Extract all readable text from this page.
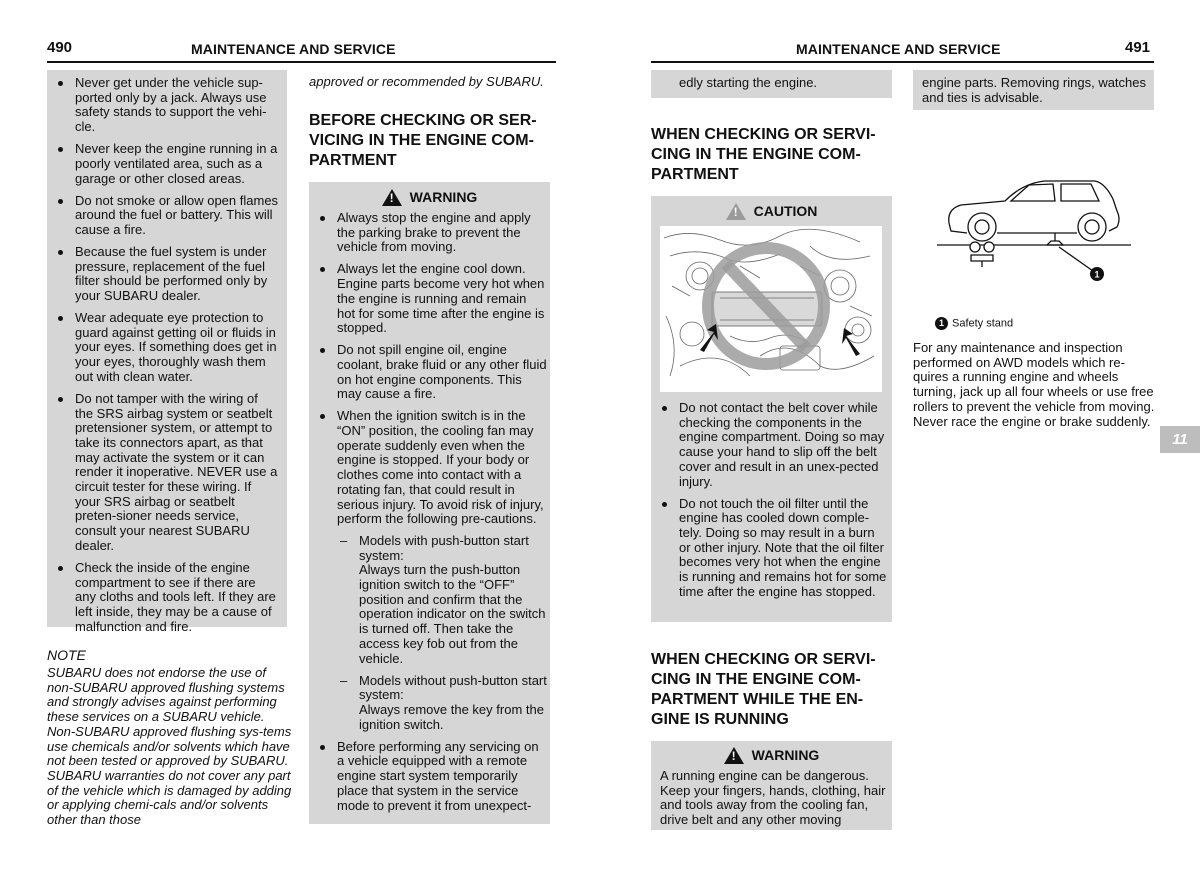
490	MAINTENANCE AND SERVICE
Never get under the vehicle sup-ported only by a jack. Always use safety stands to support the vehi-cle.
Never keep the engine running in a poorly ventilated area, such as a garage or other closed areas.
Do not smoke or allow open flames around the fuel or battery. This will cause a fire.
Because the fuel system is under pressure, replacement of the fuel filter should be performed only by your SUBARU dealer.
Wear adequate eye protection to guard against getting oil or fluids in your eyes. If something does get in your eyes, thoroughly wash them out with clean water.
Do not tamper with the wiring of the SRS airbag system or seatbelt pretensioner system, or attempt to take its connectors apart, as that may activate the system or it can render it inoperative. NEVER use a circuit tester for these wiring. If your SRS airbag or seatbelt preten-sioner needs service, consult your nearest SUBARU dealer.
Check the inside of the engine compartment to see if there are any cloths and tools left. If they are left inside, they may be a cause of malfunction and fire.
NOTE
SUBARU does not endorse the use of non-SUBARU approved flushing systems and strongly advises against performing these services on a SUBARU vehicle. Non-SUBARU approved flushing sys-tems use chemicals and/or solvents which have not been tested or approved by SUBARU. SUBARU warranties do not cover any part of the vehicle which is damaged by adding or applying chemi-cals and/or solvents other than those
approved or recommended by SUBARU.
BEFORE CHECKING OR SER-VICING IN THE ENGINE COM-PARTMENT
! WARNING
Always stop the engine and apply the parking brake to prevent the vehicle from moving.
Always let the engine cool down. Engine parts become very hot when the engine is running and remain hot for some time after the engine is stopped.
Do not spill engine oil, engine coolant, brake fluid or any other fluid on hot engine components. This may cause a fire.
When the ignition switch is in the “ON” position, the cooling fan may operate suddenly even when the engine is stopped. If your body or clothes come into contact with a rotating fan, that could result in serious injury. To avoid risk of injury, perform the following pre-cautions.
– Models with push-button start system:
Always turn the push-button ignition switch to the “OFF” position and confirm that the operation indicator on the switch is turned off. Then take the access key fob out from the vehicle.
– Models without push-button start system:
Always remove the key from the ignition switch.
Before performing any servicing on a vehicle equipped with a remote engine start system temporarily place that system in the service mode to prevent it from unexpect-
MAINTENANCE AND SERVICE	491
edly starting the engine.
WHEN CHECKING OR SERVI-CING IN THE ENGINE COM-PARTMENT
! CAUTION
Do not contact the belt cover while checking the components in the engine compartment. Doing so may cause your hand to slip off the belt cover and result in an unex-pected injury.
Do not touch the oil filter until the engine has cooled down comple-tely. Doing so may result in a burn or other injury. Note that the oil filter becomes very hot when the engine is running and remains hot for some time after the engine has stopped.
WHEN CHECKING OR SERVI-CING IN THE ENGINE COM-PARTMENT WHILE THE EN-GINE IS RUNNING
! WARNING
A running engine can be dangerous. Keep your fingers, hands, clothing, hair and tools away from the cooling fan, drive belt and any other moving
engine parts. Removing rings, watches and ties is advisable.
1
1 Safety stand
For any maintenance and inspection performed on AWD models which re-quires a running engine and wheels turning, jack up all four wheels or use free rollers to prevent the vehicle from moving. Never race the engine or brake suddenly.
11
